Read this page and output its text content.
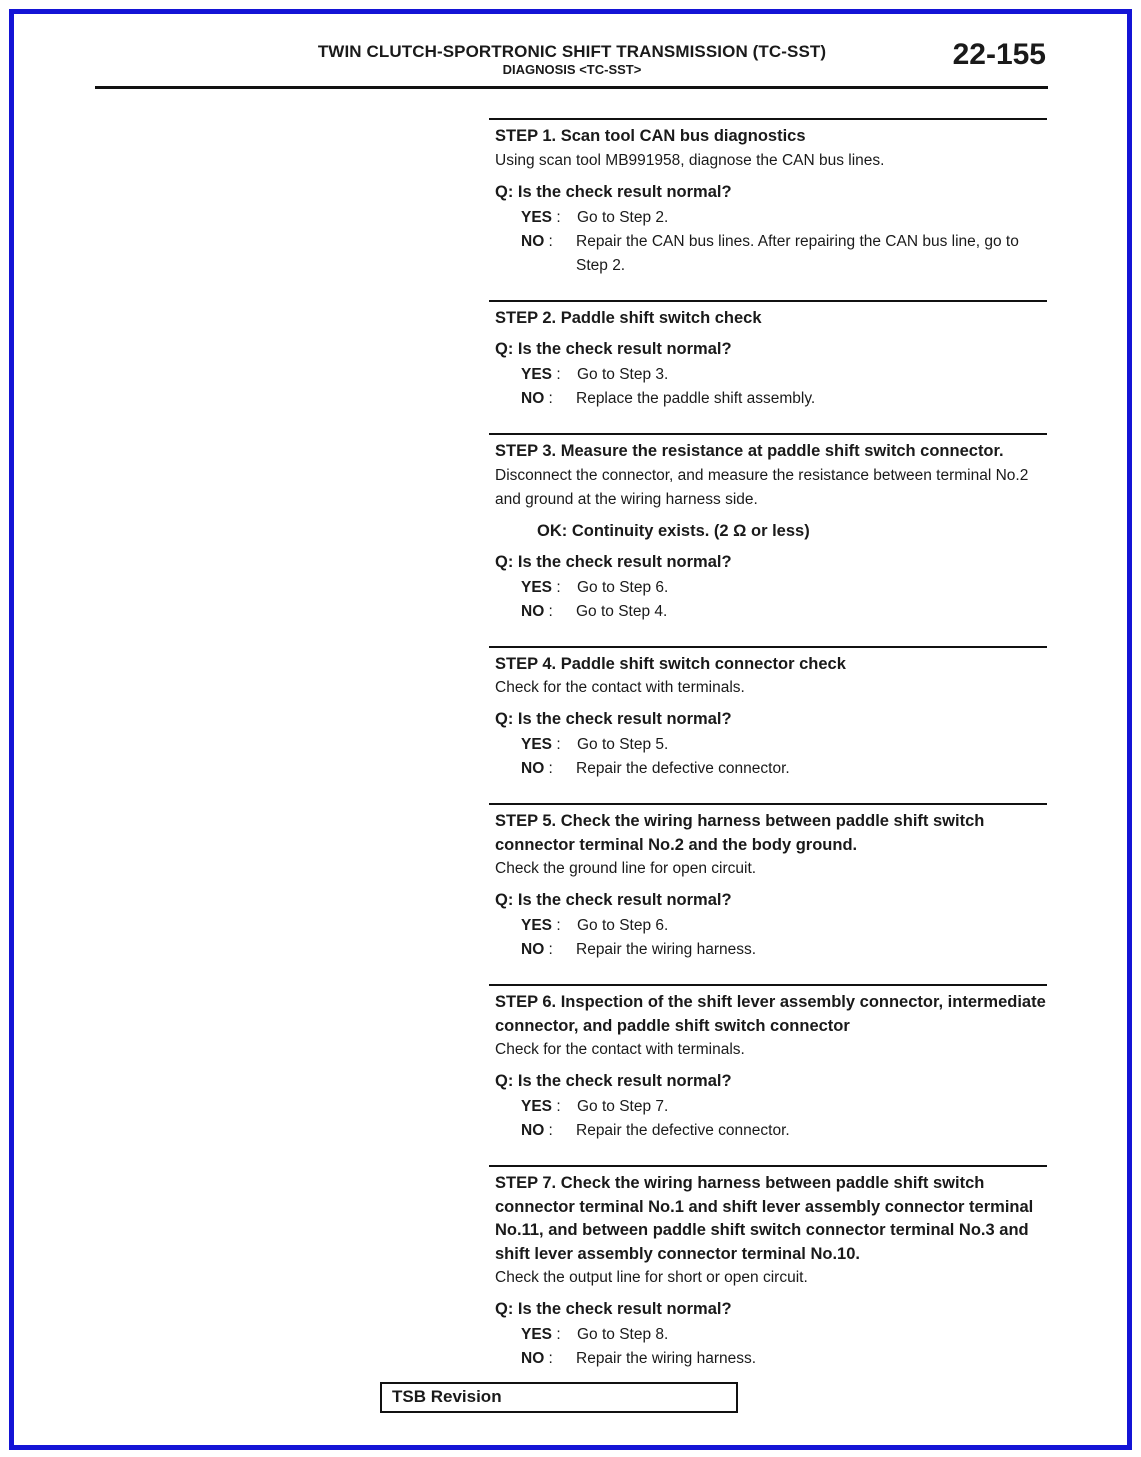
TWIN CLUTCH-SPORTRONIC SHIFT TRANSMISSION (TC-SST)
DIAGNOSIS <TC-SST>	22-155
STEP 1. Scan tool CAN bus diagnostics
Using scan tool MB991958, diagnose the CAN bus lines.
Q: Is the check result normal?
YES :	Go to Step 2.
NO :	Repair the CAN bus lines. After repairing the CAN bus line, go to Step 2.
STEP 2. Paddle shift switch check
Q: Is the check result normal?
YES :	Go to Step 3.
NO :	Replace the paddle shift assembly.
STEP 3. Measure the resistance at paddle shift switch connector.
Disconnect the connector, and measure the resistance between terminal No.2 and ground at the wiring harness side.
OK: Continuity exists. (2 Ω or less)
Q: Is the check result normal?
YES :	Go to Step 6.
NO :	Go to Step 4.
STEP 4. Paddle shift switch connector check
Check for the contact with terminals.
Q: Is the check result normal?
YES :	Go to Step 5.
NO :	Repair the defective connector.
STEP 5. Check the wiring harness between paddle shift switch connector terminal No.2 and the body ground.
Check the ground line for open circuit.
Q: Is the check result normal?
YES :	Go to Step 6.
NO :	Repair the wiring harness.
STEP 6. Inspection of the shift lever assembly connector, intermediate connector, and paddle shift switch connector
Check for the contact with terminals.
Q: Is the check result normal?
YES :	Go to Step 7.
NO :	Repair the defective connector.
STEP 7. Check the wiring harness between paddle shift switch connector terminal No.1 and shift lever assembly connector terminal No.11, and between paddle shift switch connector terminal No.3 and shift lever assembly connector terminal No.10.
Check the output line for short or open circuit.
Q: Is the check result normal?
YES :	Go to Step 8.
NO :	Repair the wiring harness.
TSB Revision
